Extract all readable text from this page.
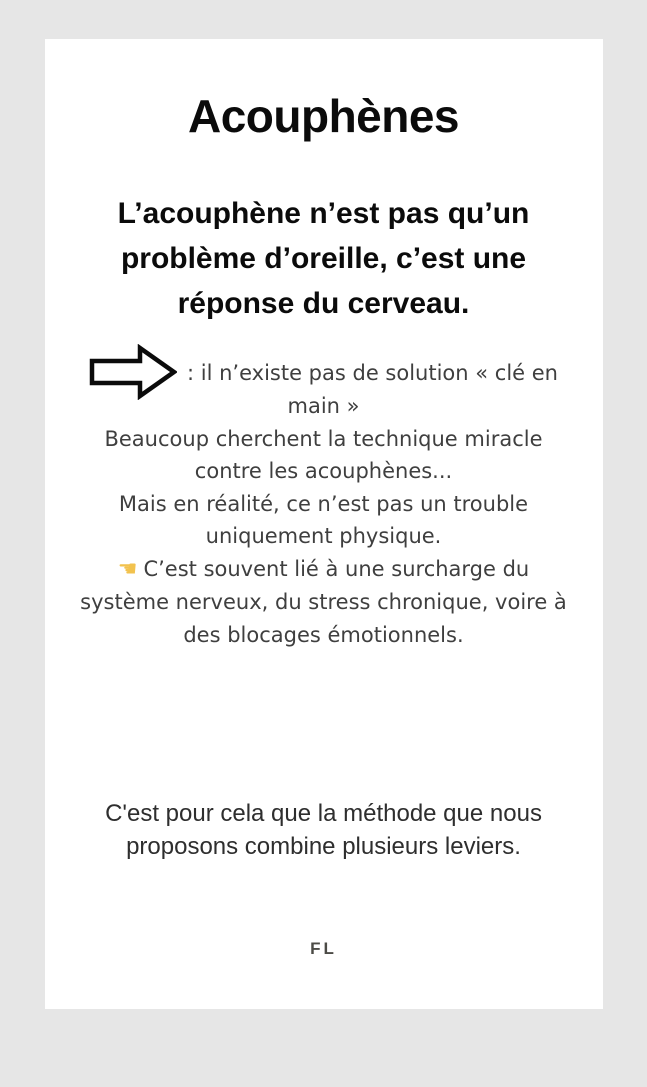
Acouphènes
L’acouphène n’est pas qu’un
problème d’oreille, c’est une
réponse du cerveau.
: il n’existe pas de solution « clé en
main »
Beaucoup cherchent la technique miracle
contre les acouphènes...
Mais en réalité, ce n’est pas un trouble
uniquement physique.
☚ C’est souvent lié à une surcharge du
système nerveux, du stress chronique, voire à
des blocages émotionnels.
C'est pour cela que la méthode que nous
proposons combine plusieurs leviers.
FL
